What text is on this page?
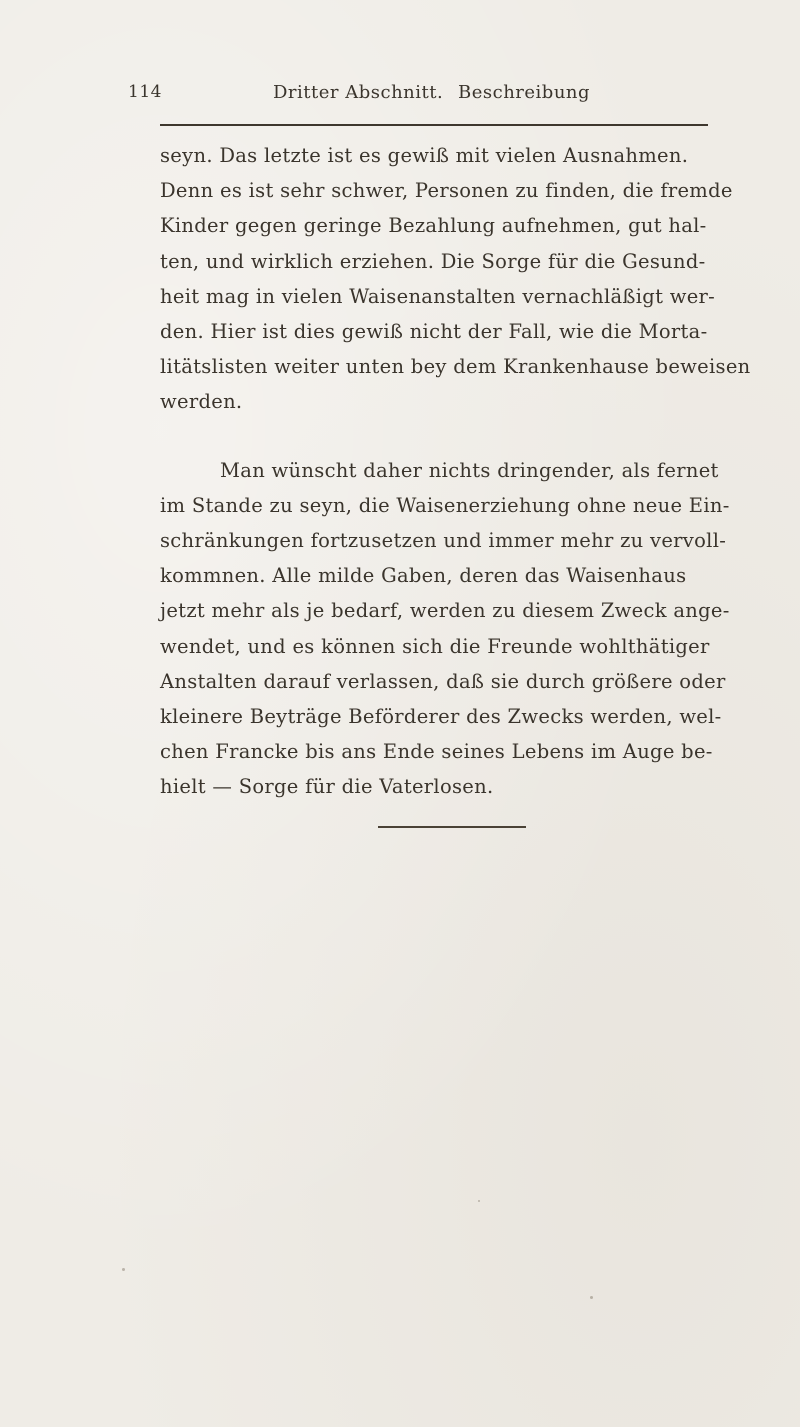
114	Dritter Abschnitt. Beschreibung

seyn. Das letzte ist es gewiß mit vielen Ausnahmen.
Denn es ist sehr schwer, Personen zu finden, die fremde
Kinder gegen geringe Bezahlung aufnehmen, gut hal-
ten, und wirklich erziehen. Die Sorge für die Gesund-
heit mag in vielen Waisenanstalten vernachläßigt wer-
den. Hier ist dies gewiß nicht der Fall, wie die Morta-
litätslisten weiter unten bey dem Krankenhause beweisen
werden.

Man wünscht daher nichts dringender, als fernet
im Stande zu seyn, die Waisenerziehung ohne neue Ein-
schränkungen fortzusetzen und immer mehr zu vervoll-
kommnen. Alle milde Gaben, deren das Waisenhaus
jetzt mehr als je bedarf, werden zu diesem Zweck ange-
wendet, und es können sich die Freunde wohlthätiger
Anstalten darauf verlassen, daß sie durch größere oder
kleinere Beyträge Beförderer des Zwecks werden, wel-
chen Francke bis ans Ende seines Lebens im Auge be-
hielt — Sorge für die Vaterlosen.
